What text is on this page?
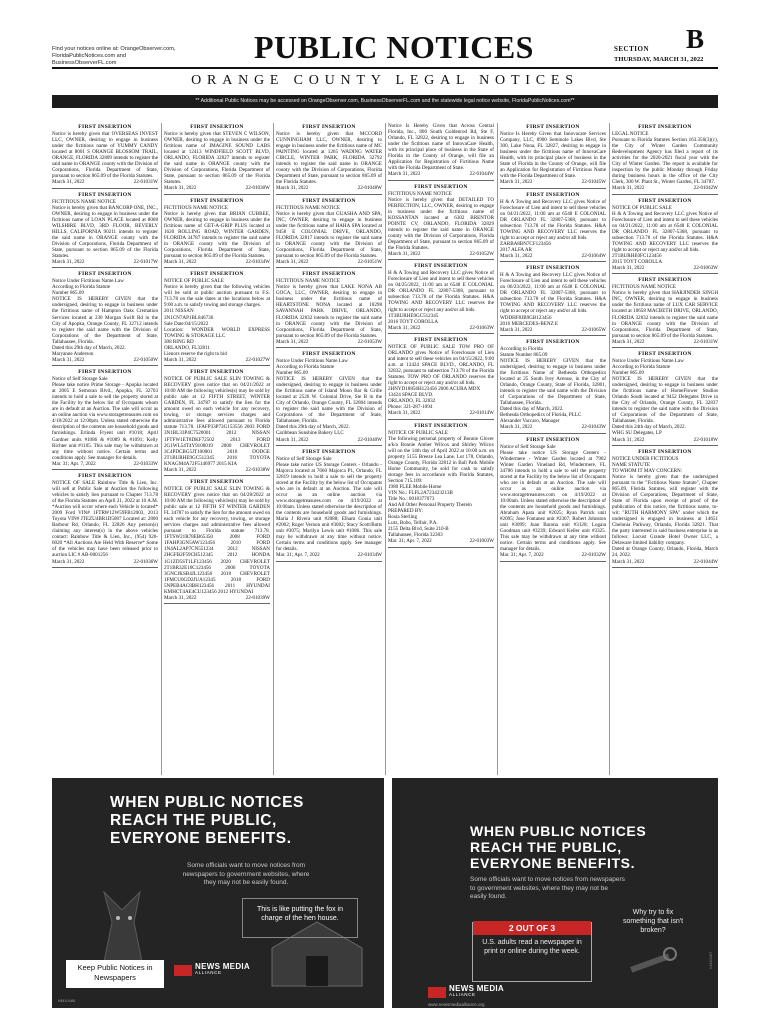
Find your notices online at: OrangeObserver.com,
FloridaPublicNotices.com and
BusinessObserverFL.com	PUBLIC NOTICES	SECTION B
THURSDAY, MARCH 31, 2022
ORANGE COUNTY LEGAL NOTICES
** Additional Public Notices may be accessed on OrangeObserver.com, BusinessObserverFL.com and the statewide legal notice website, FloridaPublicNotices.com**
FIRST INSERTION
Notice is hereby given that OVERSEAS INVEST LLC, OWNER, desiring to engage in business under the fictitious name of YUMMY CANDY located at 8001 S ORANGE BLOSSOM TRAIL, ORANGE, FLORIDA 32809 intends to register the said name in ORANGE county with the Division of Corporations, Florida Department of State, pursuant to section 865.09 of the Florida Statutes.
March 31, 2022	22-01031W
FIRST INSERTION
FICTITIOUS NAME NOTICE
Notice is hereby given that BANCORP ONE, INC., OWNER, desiring to engage in business under the fictitious name of LOAN PLACE located at 8008 WILSHIRE BLVD, 3RD FLOOR, BEVERLY HILLS, CALIFORNIA 90211 intends to register the said name in ORANGE county with the Division of Corporations, Florida Department of State, pursuant to section 865.09 of the Florida Statutes.
March 31, 2022	22-01017W
FIRST INSERTION
Notice Under Fictitious Name Law
According to Florida Statute
Number 865.09
NOTICE IS HEREBY GIVEN that the undersigned, desiring to engage in business under the fictitious name of Hampton Oaks Cremation Services located at 230 Morgan Swift Rd in the City of Apopka, Orange County, FL 32712 intends to register the said name with the Division of Corporations of the Department of State, Tallahassee, Florida.
Dated this 29th day of March, 2022.
Maryanne Anderson
March 31, 2022	22-01050W
FIRST INSERTION
Notice of Self Storage Sale
Please take notice Prime Storage - Apopka located at 2005 E Semoran Blvd., Apopka, FL 32703 intends to hold a sale to sell the property stored at the Facility by the below list of Occupants whom are in default at an Auction. The sale will occur as an online auction via www.storagetreasures.com on 4/18/2022 at 12:00pm. Unless stated otherwise the description of the contents are household goods and furnishings. Erlinda Fryent unit #1018; April Gardner units #1086 & #1089 & #1091; Kelly Richter unit #1105. This sale may be withdrawn at any time without notice. Certain terms and conditions apply. See manager for details.
Mar. 31; Apr. 7, 2022	22-01033W
FIRST INSERTION
NOTICE OF SALE Rainbow Title & Lien, Inc. will sell at Public Sale at Auction the following vehicles to satisfy lien pursuant to Chapter 713.78 of the Florida Statutes on April 21, 2022 at 10 A.M. *Auction will occur where each Vehicle is located* 2009 Ford VIN# 1FTRW12W59FB12003, 2013 Toyota VIN# JTEZU4BR1D5087 Located at: 2800 Barbour Rd, Orlando, FL 32826 Any person(s) claiming any interest(s) in the above vehicles contact: Rainbow Title & Lien, Inc., (954) 920-6020 *All Auctions Are Held With Reserve* Some of the vehicles may have been released prior to auction LIC # AB-0001256
March 31, 2022	22-01036W
FIRST INSERTION
Notice is hereby given that STEVEN C WILSON, OWNER, desiring to engage in business under the fictitious name of IMAGINE SOUND LABS located at 12413 WINDFIELD SCOTT BLVD, ORLANDO, FLORIDA 32827 intends to register the said name in ORANGE county with the Division of Corporations, Florida Department of State, pursuant to section 865.09 of the Florida Statutes.
March 31, 2022	22-01030W
FIRST INSERTION
FICTITIOUS NAME NOTICE
Notice is hereby given that BRIAN CUBBEE, OWNER, desiring to engage in business under the fictitious name of GET-A-GRIP PLUS located at 1620 ROLLING ROAD, WINTER GARDEN, FLORIDA 34787 intends to register the said name in ORANGE county with the Division of Corporations, Florida Department of State, pursuant to section 865.09 of the Florida Statutes.
March 31, 2022	22-01034W
FIRST INSERTION
NOTICE OF PUBLIC SALE
Notice is hereby given that the following vehicles will be sold at public auction pursuant to F.S. 713.78 on the sale dates at the locations below at 9:00 a.m. to satisfy towing and storage charges.
2011 NISSAN
3N1CN7AP1BL846736
Sale Date:04/15/2022
Location: WONDER WORLD EXPRESS TOWING & STORAGE LLC
308 RING RD
ORLANDO, FL32811
Lienors reserve the right to bid
March 31, 2022	22-01027W
FIRST INSERTION
NOTICE OF PUBLIC SALE SLIN TOWING & RECOVERY gives notice that on 04/21/2022 at 10:00 AM the following vehicles(s) may be sold by public sale at 12 FIFTH STREET, WINTER GARDEN, FL 34787 to satisfy the lien for the amount owed on each vehicle for any recovery, towing, or storage services charges and administrative fees allowed pursuant to Florida statute 713.78. 1FAFP33P73G153556 2003 FORD 3N1BL33P4C7520001 2012 NISSAN 1FTFW1ET8DKF72502 2013 FORD 2G1WL54T4Y9100019 2000 CHEVROLET 3C4PDCBG5JT100001 2018 DODGE 2T1BURHE9GC512345 2016 TOYOTA KNAGM4A72F5146977 2015 KIA
March 31, 2022	22-01038W
FIRST INSERTION
NOTICE OF PUBLIC SALE SLIN TOWING & RECOVERY gives notice that on 04/28/2022 at 10:00 AM the following vehicles(s) may be sold by public sale at 12 FIFTH ST WINTER GARDEN FL 34787 to satisfy the lien for the amount owed on each vehicle for any recovery, towing, or storage services charges and administrative fees allowed pursuant to Florida statute 713.78. 1FTSW21R78EB65350 2008 FORD 1FAHP3GN5AW123456 2010 FORD 1N4AL2AP7CN551234 2012 NISSAN 2HGFB2F59CH512345 2012 HONDA 1G1ZD5ST1LF123456 2020 CHEVROLET 2T1BR32E16C123456 2006 TOYOTA 3GNCJKSB4JL123456 2018 CHEVROLET 1FMCU0GD2JUA12345 2018 FORD 5NPEB4AC8BH123456 2011 HYUNDAI KMHCT4AE4CU123456 2012 HYUNDAI
March 31, 2022	22-01039W
FIRST INSERTION
Notice is hereby given that MCCORD CUNNINGHAM LLC, OWNER, desiring to engage in business under the fictitious name of MC PAINTING located at 1265 WADING WATER CIRCLE, WINTER PARK, FLORIDA 32792 intends to register the said name in ORANGE county with the Division of Corporations, Florida Department of State, pursuant to section 865.09 of the Florida Statutes.
March 31, 2022	22-01048W
FIRST INSERTION
FICTITIOUS NAME NOTICE
Notice is hereby given that GUASHA AND SPA, INC, OWNER, desiring to engage in business under the fictitious name of HAHA SPA located at 9458 E COLONIAL DRIVE, ORLANDO, FLORIDA 32817 intends to register the said name in ORANGE county with the Division of Corporations, Florida Department of State, pursuant to section 865.09 of the Florida Statutes.
March 31, 2022	22-01051W
FIRST INSERTION
FICTITIOUS NAME NOTICE
Notice is hereby given that LAKE NONA AB GOCA, LLC, OWNER, desiring to engage in business under the fictitious name of HEARTSTONE NONA located at 10298 SAVANNAH PARK DRIVE, ORLANDO, FLORIDA 32832 intends to register the said name in ORANGE county with the Division of Corporations, Florida Department of State, pursuant to section 865.09 of the Florida Statutes.
March 31, 2022	22-01053W
FIRST INSERTION
Notice Under Fictitious Name Law
According to Florida Statute
Number 865.09
NOTICE IS HEREBY GIVEN that the undersigned, desiring to engage in business under the fictitious name of Island Moon Bar & Grille located at 2526 W. Colonial Drive, Ste B in the City of Orlando, Orange County, FL 32804 intends to register the said name with the Division of Corporations of the Department of State, Tallahassee, Florida.
Dated this 29th day of March, 2022.
Caribbean Sunshine Bakery LLC
March 31, 2022	22-01040W
FIRST INSERTION
Notice of Self Storage Sale
Please take notice US Storage Centers - Orlando - Majorca located at 7660 Majorca Pl., Orlando, FL 32819 intends to hold a sale to sell the property stored at the Facility by the below list of Occupants who are in default at an Auction. The sale will occur as an online auction via www.storagetreasures.com on 4/19/2022 at 10:00am. Unless stated otherwise the description of the contents are household goods and furnishings. Maria J Rivera unit #2088; Elham Gonia unit #2002; Roger Vernon unit #3002; Stacy Scott/Butts unit #3075; Marilyn Lewis unit #1086. This sale may be withdrawn at any time without notice. Certain terms and conditions apply. See manager for details.
Mar. 31; Apr. 7, 2022	22-01034W
Notice Is Hereby Given that Across Central Florida, Inc., 800 South Goldenrod Rd, Ste F, Orlando, FL 32822, desiring to engage in business under the fictitious name of InnovaCare Health, with its principal place of business in the State of Florida in the County of Orange, will file an Application for Registration of Fictitious Name with the Florida Department of State.
March 31, 2022	22-01044W
FIRST INSERTION
FICTITIOUS NAME NOTICE
Notice is hereby given that DETAILED TO PERFECTION, LLC, OWNER, desiring to engage in business under the fictitious name of KOSSANTAN located at 6302 BRENTOR POINTE CV, ORLANDO, FLORIDA 32829 intends to register the said name in ORANGE county with the Division of Corporations, Florida Department of State, pursuant to section 865.09 of the Florida Statutes.
March 31, 2022	22-01052W
FIRST INSERTION
H & A Towing and Recovery LLC gives Notice of Foreclosure of Lien and intent to sell these vehicles on 04/25/2022, 11:00 am at 6548 E COLONIAL DR ORLANDO FL 32807-5368, pursuant to subsection 713.78 of the Florida Statutes. H&A TOWING AND RECOVERY LLC reserves the right to accept or reject any and/or all bids.
1T3BURHE9GC512345
2016 TOYT COROLLA
March 31, 2022	22-01063W
FIRST INSERTION
NOTICE OF PUBLIC SALE TOW PRO OF ORLANDO gives Notice of Foreclosure of Lien and intent to sell these vehicles on 04/15/2022, 9:00 a.m. at 13424 SPACE BLVD., ORLANDO, FL 32832, pursuant to subsection 713.78 of the Florida Statutes. TOW PRO OF ORLANDO reserves the right to accept or reject any and/or all bids.
2HNYD18856H123456 2006 ACURA MDX
13424 SPACE BLVD.
ORLANDO, FL 32832
Phone: 321-287-1094
March 31, 2022	22-01014W
FIRST INSERTION
NOTICE OF PUBLIC SALE
The following personal property of Bonnie Glover a/k/a Bonnie Amber Wilcox and Shirley Wilcox will on the 14th day of April 2022 at 10:00 a.m. on property 5155 Breeze Lea Lane, Lot 178, Orlando, Orange County, Florida 32812 in Ball Park Mobile Home Community, be sold for cash to satisfy storage fees in accordance with Florida Statutes, Section 715.109:
1980 FLEE Mobile Home
VIN No.: FLFL2A723423213B
Title No.: 0018377073
And All Other Personal Property Therein
PREPARED BY:
Rosia Sterling
Lutz, Bobo, Telfair, P.A.
2155 Delta Blvd, Suite 210-B
Tallahassee, Florida 32303
Mar. 31; Apr. 7, 2022	22-01003W
FIRST INSERTION
Notice Is Hereby Given that Innovacare Services Company, LLC, 8900 Seminole Lakes Blvd, Ste 300, Lake Nona, FL 32827, desiring to engage in business under the fictitious name of InnovaCare Health, with its principal place of business in the State of Florida in the County of Orange, will file an Application for Registration of Fictitious Name with the Florida Department of State.
March 31, 2022	22-01045W
FIRST INSERTION
H & A Towing and Recovery LLC gives Notice of Foreclosure of Lien and intent to sell these vehicles on 04/21/2022, 11:00 am at 6548 E COLONIAL DR ORLANDO FL 32807-5368, pursuant to subsection 713.78 of the Florida Statutes. H&A TOWING AND RECOVERY LLC reserves the right to accept or reject any and/or all bids.
ZARBA8BN7CF123456
2017 ALFA AR
March 31, 2022	22-01064W
FIRST INSERTION
H & A Towing and Recovery LLC gives Notice of Foreclosure of Lien and intent to sell these vehicles on 06/23/2022, 11:00 am at 6548 E COLONIAL DR ORLANDO FL 32807-5368, pursuant to subsection 713.78 of the Florida Statutes. H&A TOWING AND RECOVERY LLC reserves the right to accept or reject any and/or all bids.
WDDHF8JB9GB123456
2016 MERCEDES-BENZ E
March 31, 2022	22-01065W
FIRST INSERTION
According to Florida
Statute Number 865.09
NOTICE IS HEREBY GIVEN that the undersigned, desiring to engage in business under the fictitious Name of Bethesda Orthopedics located at 25 South Ivey Avenue, in the City of Orlando, Orange County, State of Florida, 32801, intends to register the said name with the Division of Corporations of the Department of State, Tallahassee, Florida.
Dated this day of March, 2022.
Bethesda Orthopedics of Florida, PLLC
Alexander Vaccaro, Manager
March 31, 2022	22-01043W
FIRST INSERTION
Notice of Self Storage Sale
Please take notice US Storage Centers - Windermere - Winter Garden located at 7902 Winter Garden Vineland Rd, Windermere, FL 34786 intends to hold a sale to sell the property stored at the Facility by the below list of Occupants who are in default at an Auction. The sale will occur as an online auction via www.storagetreasures.com on 4/19/2022 at 10:00am. Unless stated otherwise the description of the contents are household goods and furnishings. Abraham Apata unit #2025; Ryan Patrick unit #2095; Jose Fontanez unit #2307; Robert Johnston unit #3099; Juan Barona unit #3128; Logaia Goodman unit #3239; Edward Keller unit #3325. This sale may be withdrawn at any time without notice. Certain terms and conditions apply. See manager for details.
Mar. 31; Apr. 7, 2022	22-01032W
FIRST INSERTION
LEGAL NOTICE
Pursuant to Florida Statutes Section 163.356(3)(c), the City of Winter Garden Community Redevelopment Agency has filed a report of its activities for the 2020-2021 fiscal year with the City of Winter Garden. The report is available for inspection by the public Monday through Friday during business hours in the office of the City Clerk, 300 W. Plant St., Winter Garden, FL 34787.
March 31, 2022	22-01042W
FIRST INSERTION
NOTICE OF PUBLIC SALE
H & A Towing and Recovery LLC gives Notice of Foreclosure of Lien and intent to sell these vehicles on 04/21/2022, 11:00 am at 6548 E COLONIAL DR ORLANDO FL 32807-5368, pursuant to subsection 713.78 of the Florida Statutes. H&A TOWING AND RECOVERY LLC reserves the right to accept or reject any and/or all bids.
2T1BURHE0FC123456
2015 TOYT COROLLA
March 31, 2022	22-01063W
FIRST INSERTION
FICTITIOUS NAME NOTICE
Notice is hereby given that HARJINDER SINGH INC, OWNER, desiring to engage in business under the fictitious name of LUX CAR SERVICE located at 10658 MACBETH DRIVE, ORLANDO, FLORIDA 32832 intends to register the said name in ORANGE county with the Division of Corporations, Florida Department of State, pursuant to section 865.09 of the Florida Statutes.
March 31, 2022	22-01031W
FIRST INSERTION
Notice Under Fictitious Name Law
According to Florida Statute
Number 865.09
NOTICE IS HEREBY GIVEN that the undersigned, desiring to engage in business under the fictitious name of HomeFlower Studios Orlando South located at 9452 Delegates Drive in the City of Orlando, Orange County, FL 32837 intends to register the said name with the Division of Corporations of the Department of State, Tallahassee, Florida.
Dated this 24th day of March, 2022.
WHG SU Delegates, LP
March 31, 2022	22-01018W
FIRST INSERTION
NOTICE UNDER FICTITIOUS
NAME STATUTE
TO WHOM IT MAY CONCERN:
Notice is hereby given that the undersigned pursuant to the "Fictitious Name Statute", Chapter 865.09, Florida Statutes, will register with the Division of Corporations, Department of State, State of Florida upon receipt of proof of the publication of this notice, the fictitious name, to-wit: "RUTH HARMONY SPA" under which the undersigned is engaged in business at 14651 Chelonia Parkway, Orlando, Florida 32821. That the party interested in said business enterprise is as follows: Locust Grande Hotel Owner LLC, a Delaware limited liability company.
Dated at Orange County, Orlando, Florida, March 24, 2022.
March 31, 2022	22-01044W
WHEN PUBLIC NOTICES
REACH THE PUBLIC,
EVERYONE BENEFITS.
Some officials want to move notices from newspapers to government websites, where they may not be easily found.
This is like putting the fox in charge of the hen house.
Keep Public Notices in Newspapers
NEWS MEDIA
ALLIANCE
NM10486
WHEN PUBLIC NOTICES
REACH THE PUBLIC,
EVERYONE BENEFITS.
Some officials want to move notices from newspapers to government websites, where they may not be easily found.
Why try to fix something that isn't broken?
2 OUT OF 3
U.S. adults read a newspaper in print or online during the week.
NEWS MEDIA
ALLIANCE
www.newsmediaalliance.org
NM10487
